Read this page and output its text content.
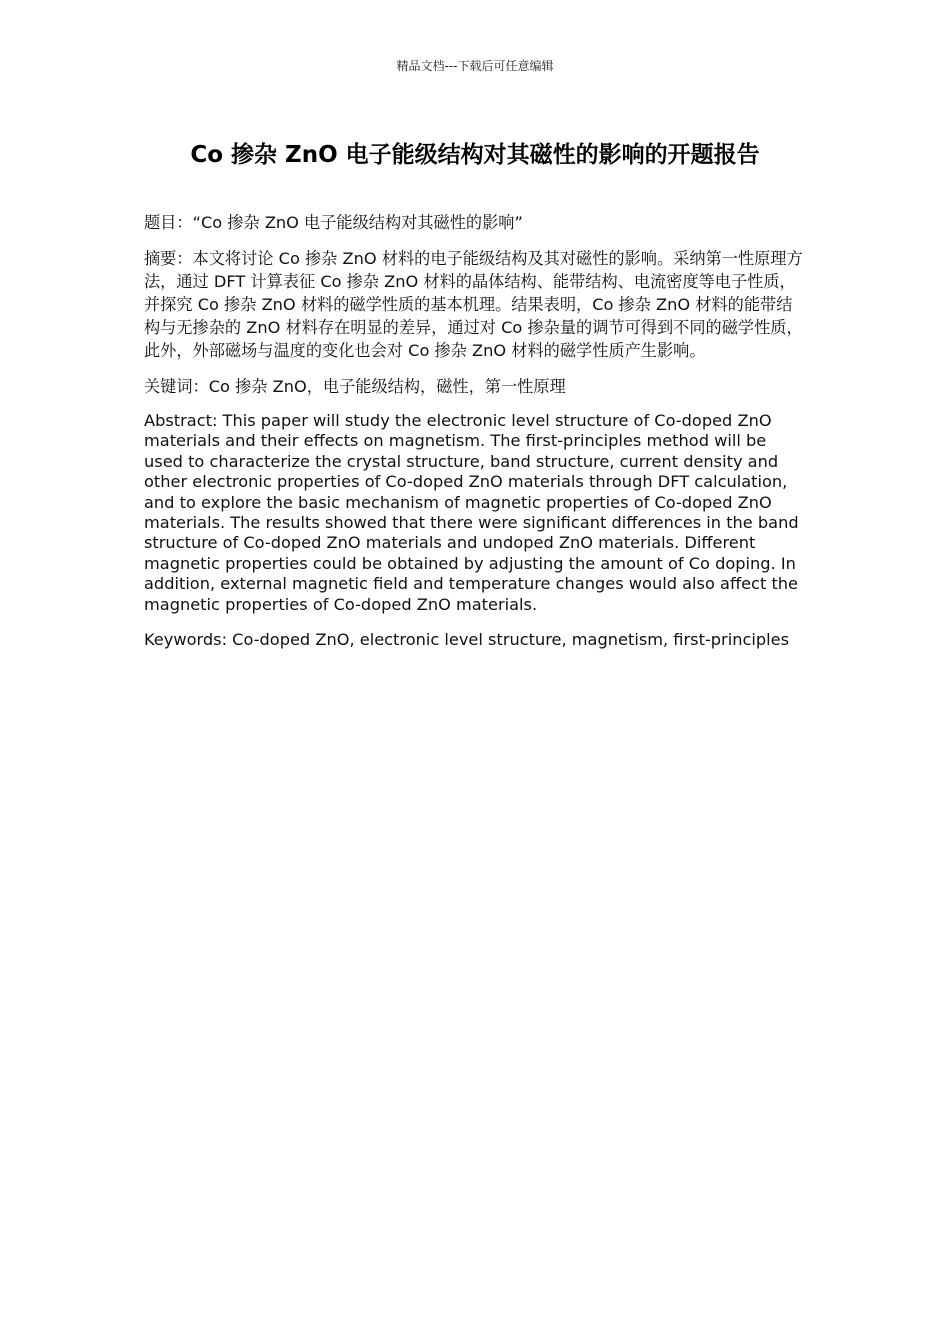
精品文档---下载后可任意编辑
Co 掺杂 ZnO 电子能级结构对其磁性的影响的开题报告

题目：“Co 掺杂 ZnO 电子能级结构对其磁性的影响”

摘要：本文将讨论 Co 掺杂 ZnO 材料的电子能级结构及其对磁性的影响。采纳第一性原理方法，通过 DFT 计算表征 Co 掺杂 ZnO 材料的晶体结构、能带结构、电流密度等电子性质，并探究 Co 掺杂 ZnO 材料的磁学性质的基本机理。结果表明，Co 掺杂 ZnO 材料的能带结构与无掺杂的 ZnO 材料存在明显的差异，通过对 Co 掺杂量的调节可得到不同的磁学性质，此外，外部磁场与温度的变化也会对 Co 掺杂 ZnO 材料的磁学性质产生影响。

关键词：Co 掺杂 ZnO，电子能级结构，磁性，第一性原理

Abstract: This paper will study the electronic level structure of Co-doped ZnO materials and their effects on magnetism. The first-principles method will be used to characterize the crystal structure, band structure, current density and other electronic properties of Co-doped ZnO materials through DFT calculation, and to explore the basic mechanism of magnetic properties of Co-doped ZnO materials. The results showed that there were significant differences in the band structure of Co-doped ZnO materials and undoped ZnO materials. Different magnetic properties could be obtained by adjusting the amount of Co doping. In addition, external magnetic field and temperature changes would also affect the magnetic properties of Co-doped ZnO materials.

Keywords: Co-doped ZnO, electronic level structure, magnetism, first-principles
